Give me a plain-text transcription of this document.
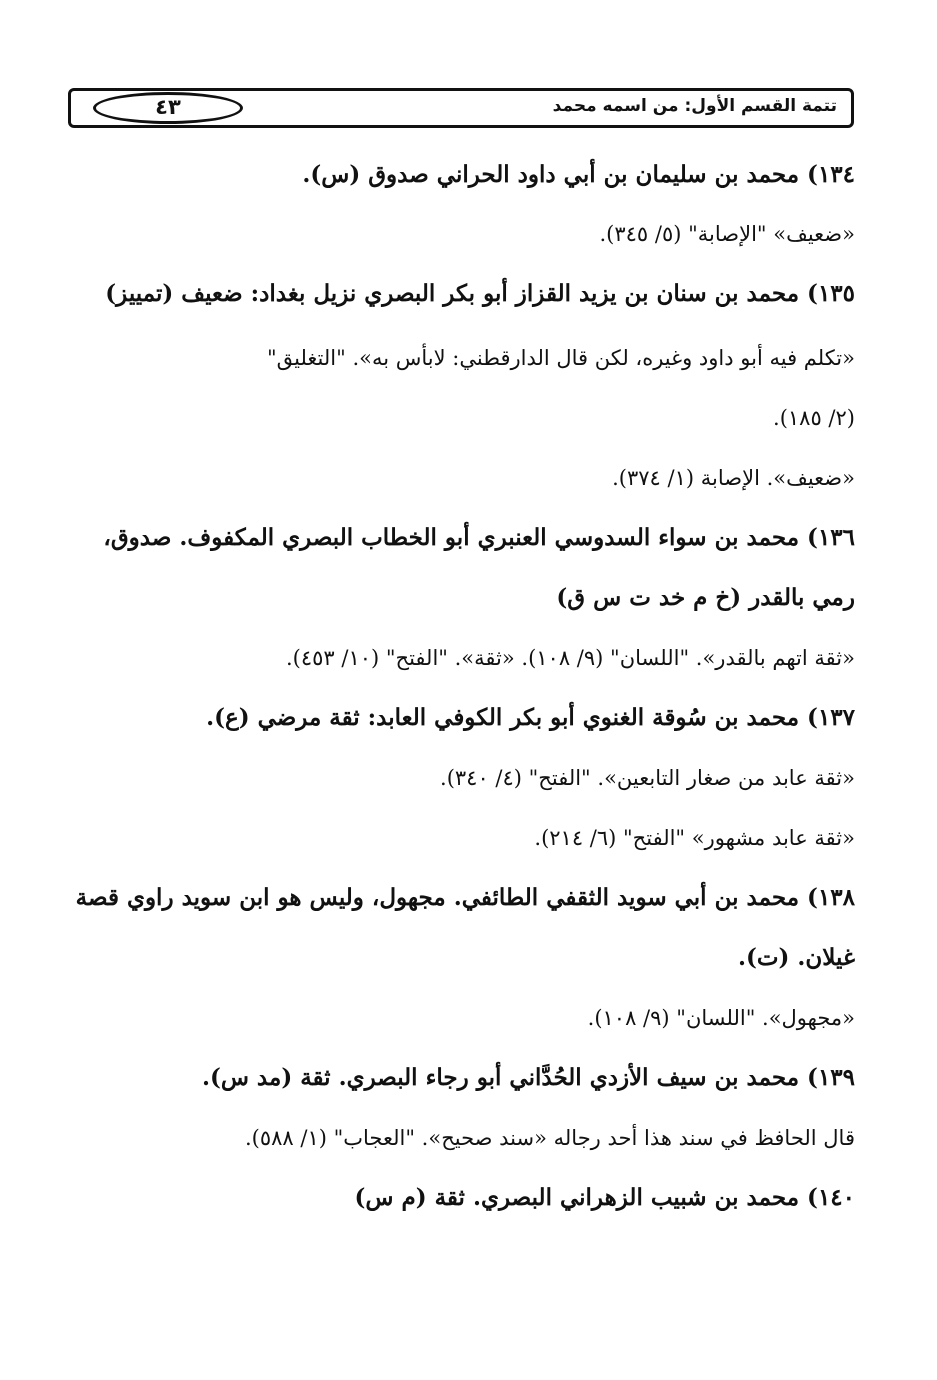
تتمة القسم الأول: من اسمه محمد
٤٣
١٣٤) محمد بن سليمان بن أبي داود الحراني صدوق (س).
«ضعيف» "الإصابة" (٥/ ٣٤٥).
١٣٥) محمد بن سنان بن يزيد القزاز أبو بكر البصري نزيل بغداد: ضعيف (تمييز)
«تكلم فيه أبو داود وغيره، لكن قال الدارقطني: لابأس به». "التغليق"
(٢/ ١٨٥).
«ضعيف». الإصابة (١/ ٣٧٤).
١٣٦) محمد بن سواء السدوسي العنبري أبو الخطاب البصري المكفوف. صدوق،
رمي بالقدر (خ م خد ت س ق)
«ثقة اتهم بالقدر». "اللسان" (٩/ ١٠٨). «ثقة». "الفتح" (١٠/ ٤٥٣).
١٣٧) محمد بن سُوقة الغنوي أبو بكر الكوفي العابد: ثقة مرضي (ع).
«ثقة عابد من صغار التابعين». "الفتح" (٤/ ٣٤٠).
«ثقة عابد مشهور» "الفتح" (٦/ ٢١٤).
١٣٨) محمد بن أبي سويد الثقفي الطائفي. مجهول، وليس هو ابن سويد راوي قصة
غيلان. (ت).
«مجهول». "اللسان" (٩/ ١٠٨).
١٣٩) محمد بن سيف الأزدي الحُدَّاني أبو رجاء البصري. ثقة (مد س).
قال الحافظ في سند هذا أحد رجاله «سند صحيح». "العجاب" (١/ ٥٨٨).
١٤٠) محمد بن شبيب الزهراني البصري. ثقة (م س)
